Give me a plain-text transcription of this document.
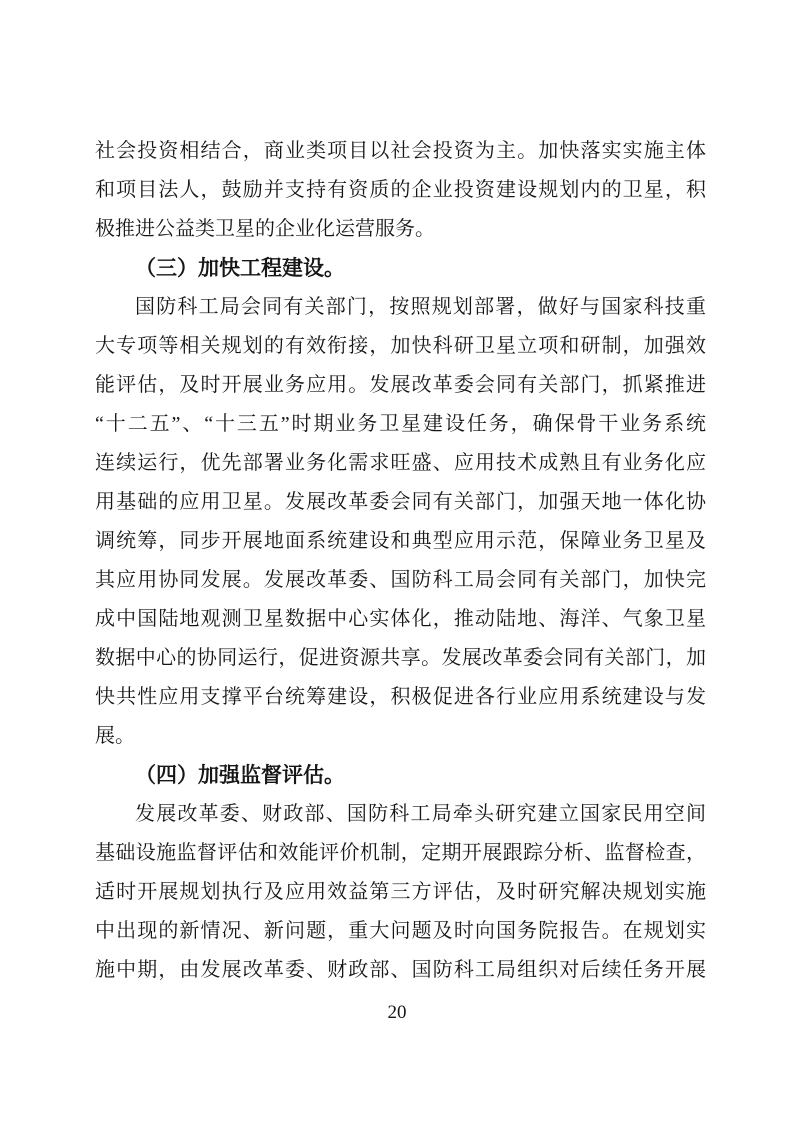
社会投资相结合，商业类项目以社会投资为主。加快落实实施主体
和项目法人，鼓励并支持有资质的企业投资建设规划内的卫星，积
极推进公益类卫星的企业化运营服务。
（三）加快工程建设。
国防科工局会同有关部门，按照规划部署，做好与国家科技重
大专项等相关规划的有效衔接，加快科研卫星立项和研制，加强效
能评估，及时开展业务应用。发展改革委会同有关部门，抓紧推进
“十二五”、“十三五”时期业务卫星建设任务，确保骨干业务系统
连续运行，优先部署业务化需求旺盛、应用技术成熟且有业务化应
用基础的应用卫星。发展改革委会同有关部门，加强天地一体化协
调统筹，同步开展地面系统建设和典型应用示范，保障业务卫星及
其应用协同发展。发展改革委、国防科工局会同有关部门，加快完
成中国陆地观测卫星数据中心实体化，推动陆地、海洋、气象卫星
数据中心的协同运行，促进资源共享。发展改革委会同有关部门，加
快共性应用支撑平台统筹建设，积极促进各行业应用系统建设与发
展。
（四）加强监督评估。
发展改革委、财政部、国防科工局牵头研究建立国家民用空间
基础设施监督评估和效能评价机制，定期开展跟踪分析、监督检查，
适时开展规划执行及应用效益第三方评估，及时研究解决规划实施
中出现的新情况、新问题，重大问题及时向国务院报告。在规划实
施中期，由发展改革委、财政部、国防科工局组织对后续任务开展
20
